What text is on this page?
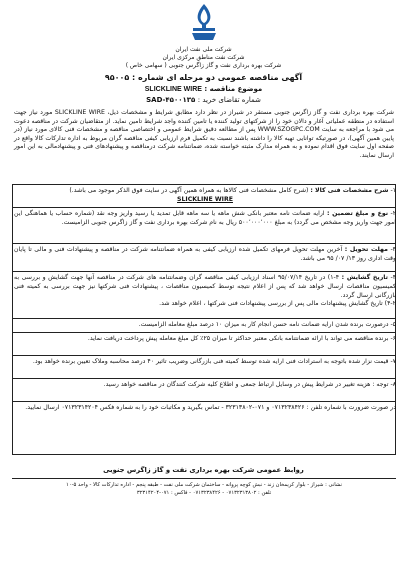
شرکت ملی نفت ایران
شرکت نفت مناطق مرکزی ایران
شرکت بهره برداری نفت و گاز زاگرس جنوبی ( سهامی خاص )
آگهی مناقصه عمومی دو مرحله ای شماره : ۹۵۰۰۵
موضوع مناقصه : SLICKLINE WIRE
شماره تقاضای خرید : SAD-۴۵۰۰۱۳۵
شرکت بهره برداری نفت و گاز زاگرس جنوبی مستقر در شیراز در نظر دارد مطابق شرایط و مشخصات ذیل، SLICKLINE WIRE مورد نیاز جهت استفاده در منطقه عملیاتی آغار و دالان خود را از شرکتهای تولید کننده یا تامین کننده واجد شرایط تامین نماید. از متقاضیان شرکت در مناقصه دعوت می شود با مراجعه به سایت WWW.SZOGPC.COM پس از مطالعه دقیق شرایط عمومی و اختصاصی مناقصه و مشخصات فنی کالای مورد نیاز (در پایین همین آگهی)، در صورتیکه توانایی تهیه کالا را داشته باشند نسبت به تکمیل فرم ارزیابی کیفی مناقصه گران مربوط به اداره تدارکات کالا واقع در صفحه اول سایت فوق اقدام نموده و به همراه مدارک مثبته خواسته شده، ضمانتنامه شرکت درمناقصه و پیشنهادهای فنی و پیشنهادمالی به این امور ارسال نمایند.
۱- شرح مشخصات فنی کالا : (شرح کامل مشخصات فنی کالاها به همراه همین آگهی در سایت فوق الذکر موجود می باشد.)
SLICKLINE WIRE
۲- نوع و مبلغ تضمین : ارایه ضمانت نامه معتبر بانکی شش ماهه یا سه ماهه قابل تمدید یا رسید واریز وجه نقد (شماره حساب یا هماهنگی این امور جهت واریز وجه مشخص می گردد) به مبلغ ۵۰۰٬۰۰۰٬۰۰۰ ریال به نام شرکت بهره برداری نفت و گاز زاگرس جنوبی الزامیست.
۳- مهلت تحویل : آخرین مهلت تحویل فرمهای تکمیل شده ارزیابی کیفی به همراه ضمانتنامه شرکت در مناقصه و پیشنهادات فنی و مالی تا پایان وقت اداری روز ۱۳/ ۰۷/ ۹۵ می باشد.
۴- تاریخ گشایش : ۴-۱) در تاریخ ۹۵/۰۷/۱۴ اسناد ارزیابی کیفی مناقصه گران وضمانتنامه های شرکت در مناقصه آنها جهت گشایش و بررسی به کمیسیون مناقصات ارسال خواهد شد که پس از اعلام نتیجه توسط کمیسیون مناقصات ، پیشنهادات فنی شرکتها نیز جهت بررسی به کمیته فنی بازرگانی ارسال گردد.
۴-۲) تاریخ گشایش پیشنهادات مالی پس از بررسی پیشنهادات فنی شرکتها ، اعلام خواهد شد.
۵- درصورت برنده شدن ارایه ضمانت نامه حسن انجام کار به میزان ۱۰ درصد مبلغ معامله الزامیست.
۶- برنده مناقصه می تواند با ارائه ضمانتنامه بانکی معتبر حداکثر تا میزان ۲۵٪ کل مبلغ معامله پیش پرداخت دریافت نماید.
۷- قیمت نزار شده باتوجه به استرادات فنی ارایه شده توسط کمیته فنی بازرگانی وضریب تاثیر ۴۰ درصد محاسبه وملاک تعیین برنده خواهد بود.
۸- توجه : هزینه تغییر در شرایط پیش در وسایل ارتباط جمعی و اطلاع کلیه شرکت کنندگان در مناقصه خواهد رسید.
در صورت ضرورت با شماره تلفن : ۰۷۱۳۲۳۸۴۲۶ و ۰۷۱-۳۲۳۱۳۸۰۲ - تماس بگیرید و مکاتبات خود را به شماره فکس ۰۷۱۳۲۳۱۴۲۰۴ ارسال نمایید.
روابط عمومی شرکت بهره برداری نفت و گاز زاگرس جنوبی
نشانی : شیراز - بلوار کریمخان زند - نبش کوچه پروانه - ساختمان شرکت ملی نفت - طبقه پنجم - اداره تدارکات کالا - واحد ۵-۱۰
تلفن : ۰۷۱۳۲۳۱۳۸۰۲ - ۰۷۱۳۲۳۸۴۲۶ - فاکس : ۰۷۱-۳۲۳۱۴۲۰۴
